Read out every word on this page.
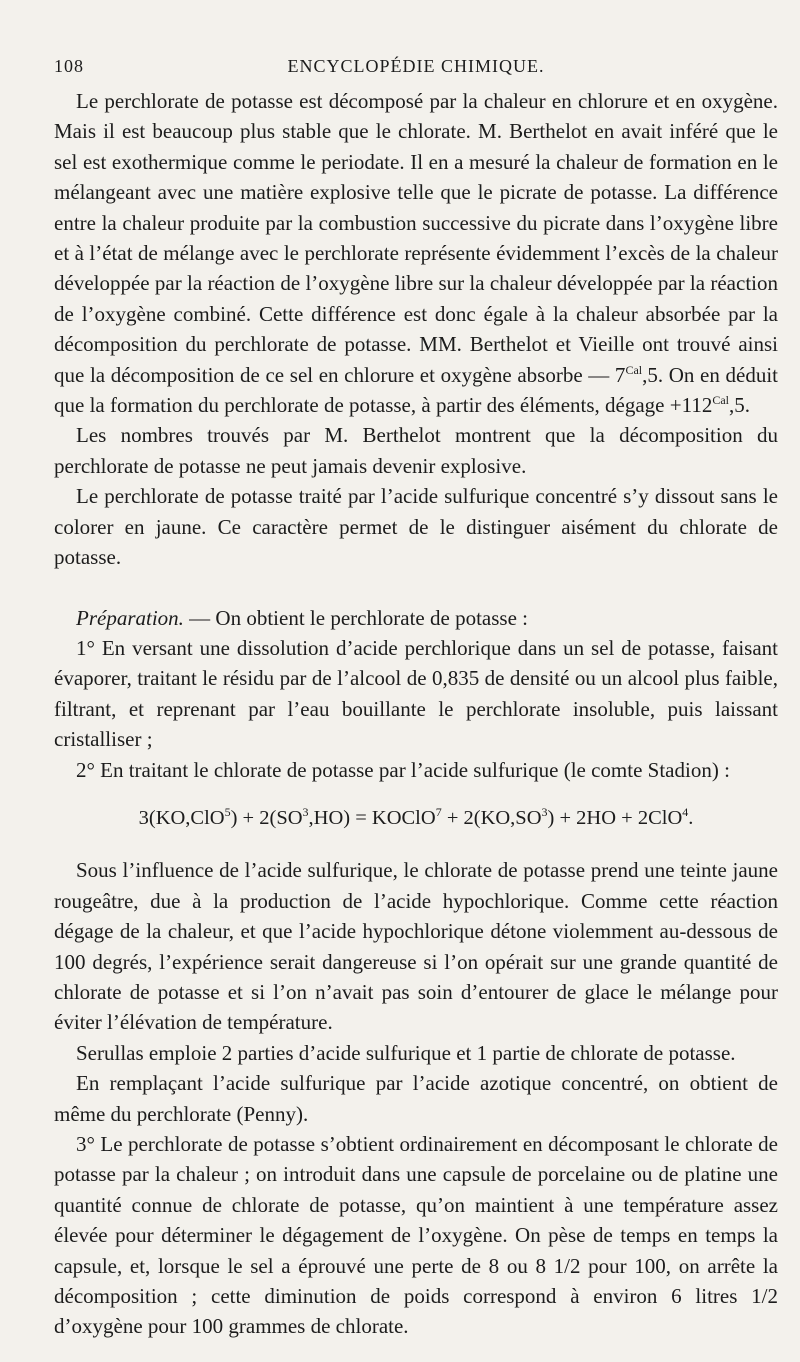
108	ENCYCLOPÉDIE CHIMIQUE.

Le perchlorate de potasse est décomposé par la chaleur en chlorure et en oxygène. Mais il est beaucoup plus stable que le chlorate. M. Berthelot en avait inféré que le sel est exothermique comme le periodate. Il en a mesuré la chaleur de formation en le mélangeant avec une matière explosive telle que le picrate de potasse. La différence entre la chaleur produite par la combustion successive du picrate dans l’oxygène libre et à l’état de mélange avec le perchlorate représente évidemment l’excès de la chaleur développée par la réaction de l’oxygène libre sur la chaleur développée par la réaction de l’oxygène combiné. Cette différence est donc égale à la chaleur absorbée par la décomposition du perchlorate de potasse. MM. Berthelot et Vieille ont trouvé ainsi que la décomposition de ce sel en chlorure et oxygène absorbe — $7^{Cal},5$. On en déduit que la formation du perchlorate de potasse, à partir des éléments, dégage $+112^{Cal},5$.

Les nombres trouvés par M. Berthelot montrent que la décomposition du perchlorate de potasse ne peut jamais devenir explosive.

Le perchlorate de potasse traité par l’acide sulfurique concentré s’y dissout sans le colorer en jaune. Ce caractère permet de le distinguer aisément du chlorate de potasse.

Préparation. — On obtient le perchlorate de potasse :

1° En versant une dissolution d’acide perchlorique dans un sel de potasse, faisant évaporer, traitant le résidu par de l’alcool de 0,835 de densité ou un alcool plus faible, filtrant, et reprenant par l’eau bouillante le perchlorate insoluble, puis laissant cristalliser ;

2° En traitant le chlorate de potasse par l’acide sulfurique (le comte Stadion) :

$3(KO,ClO^5) + 2(SO^3,HO)$ = KOClO$^7$ + $2(KO,SO^3) + 2HO + 2ClO^4$.

Sous l’influence de l’acide sulfurique, le chlorate de potasse prend une teinte jaune rougeâtre, due à la production de l’acide hypochlorique. Comme cette réaction dégage de la chaleur, et que l’acide hypochlorique détone violemment au-dessous de 100 degrés, l’expérience serait dangereuse si l’on opérait sur une grande quantité de chlorate de potasse et si l’on n’avait pas soin d’entourer de glace le mélange pour éviter l’élévation de température.

Serullas emploie 2 parties d’acide sulfurique et 1 partie de chlorate de potasse.

En remplaçant l’acide sulfurique par l’acide azotique concentré, on obtient de même du perchlorate (Penny).

3° Le perchlorate de potasse s’obtient ordinairement en décomposant le chlorate de potasse par la chaleur ; on introduit dans une capsule de porcelaine ou de platine une quantité connue de chlorate de potasse, qu’on maintient à une température assez élevée pour déterminer le dégagement de l’oxygène. On pèse de temps en temps la capsule, et, lorsque le sel a éprouvé une perte de 8 ou 8 1/2 pour 100, on arrête la décomposition ; cette diminution de poids correspond à environ 6 litres 1/2 d’oxygène pour 100 grammes de chlorate.
